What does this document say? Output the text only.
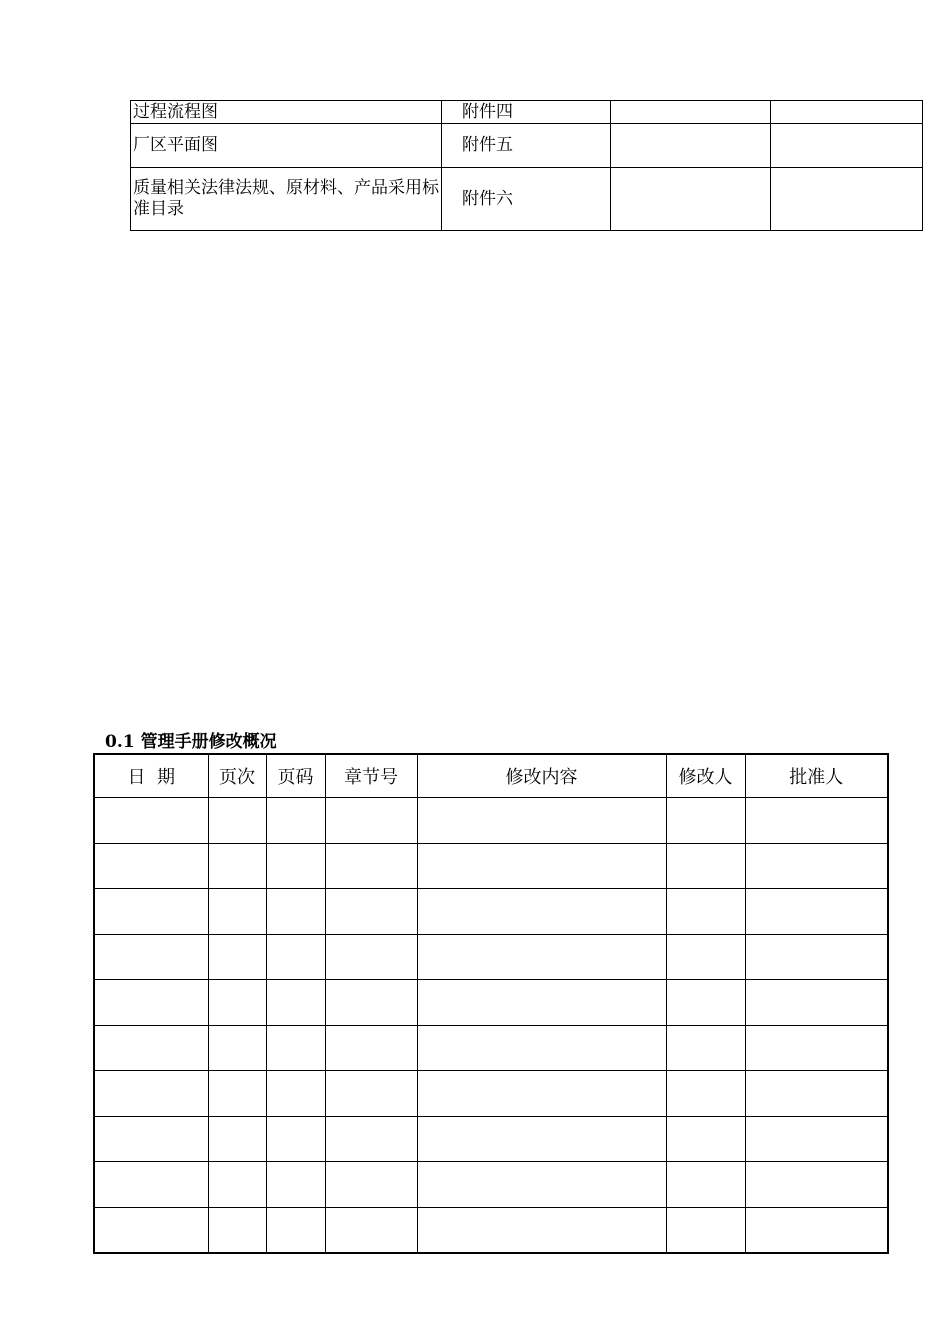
过程流程图	附件四		
厂区平面图	附件五		
质量相关法律法规、原材料、产品采用标准目录	附件六		
0.1 管理手册修改概况
日  期	页次	页码	章节号	修改内容	修改人	批准人
